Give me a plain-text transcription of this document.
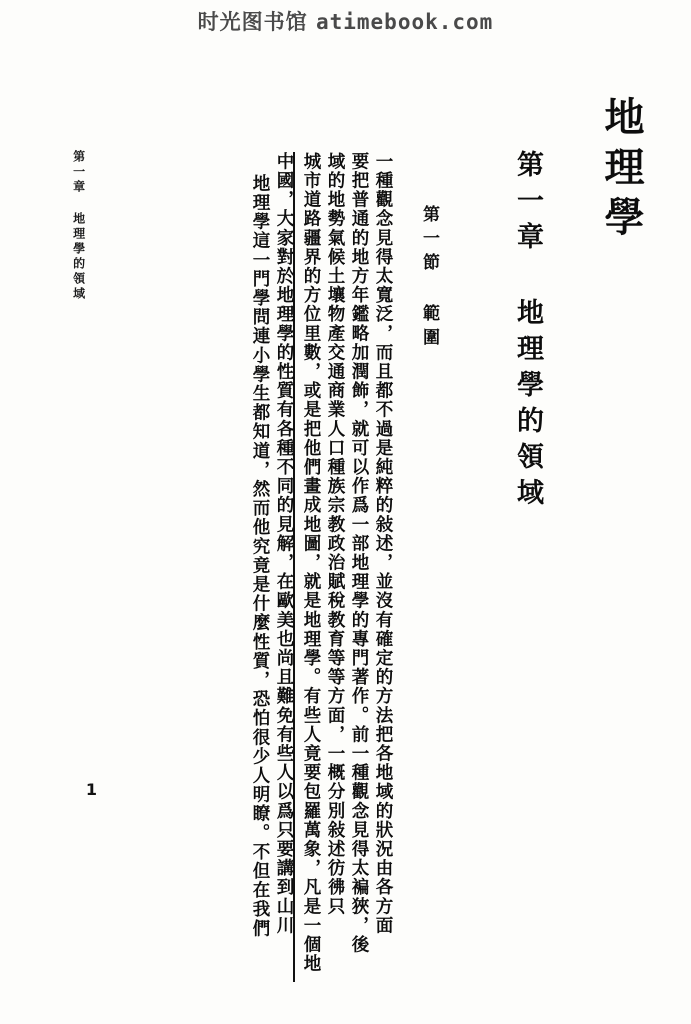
时光图书馆 atimebook.com
地理學
第一章 地理學的領域
第一節 範圍
地理學這一門學問連小學生都知道，然而他究竟是什麼性質，恐怕很少人明瞭。不但在我們 中國，大家對於地理學的性質有各種不同的見解，在歐美也尚且難免有些人以爲只要講到山川 城市道路疆界的方位里數，或是把他們畫成地圖，就是地理學。有些人竟要包羅萬象，凡是一個地 域的地勢氣候土壤物產交通商業人口種族宗教政治賦稅教育等等方面，一概分別敍述彷彿只 要把普通的地方年鑑略加潤飾，就可以作爲一部地理學的專門著作。前一種觀念見得太褊狹，後 一種觀念見得太寬泛，而且都不過是純粹的敍述，並沒有確定的方法把各地域的狀況由各方面
第一章 地理學的領域
1
